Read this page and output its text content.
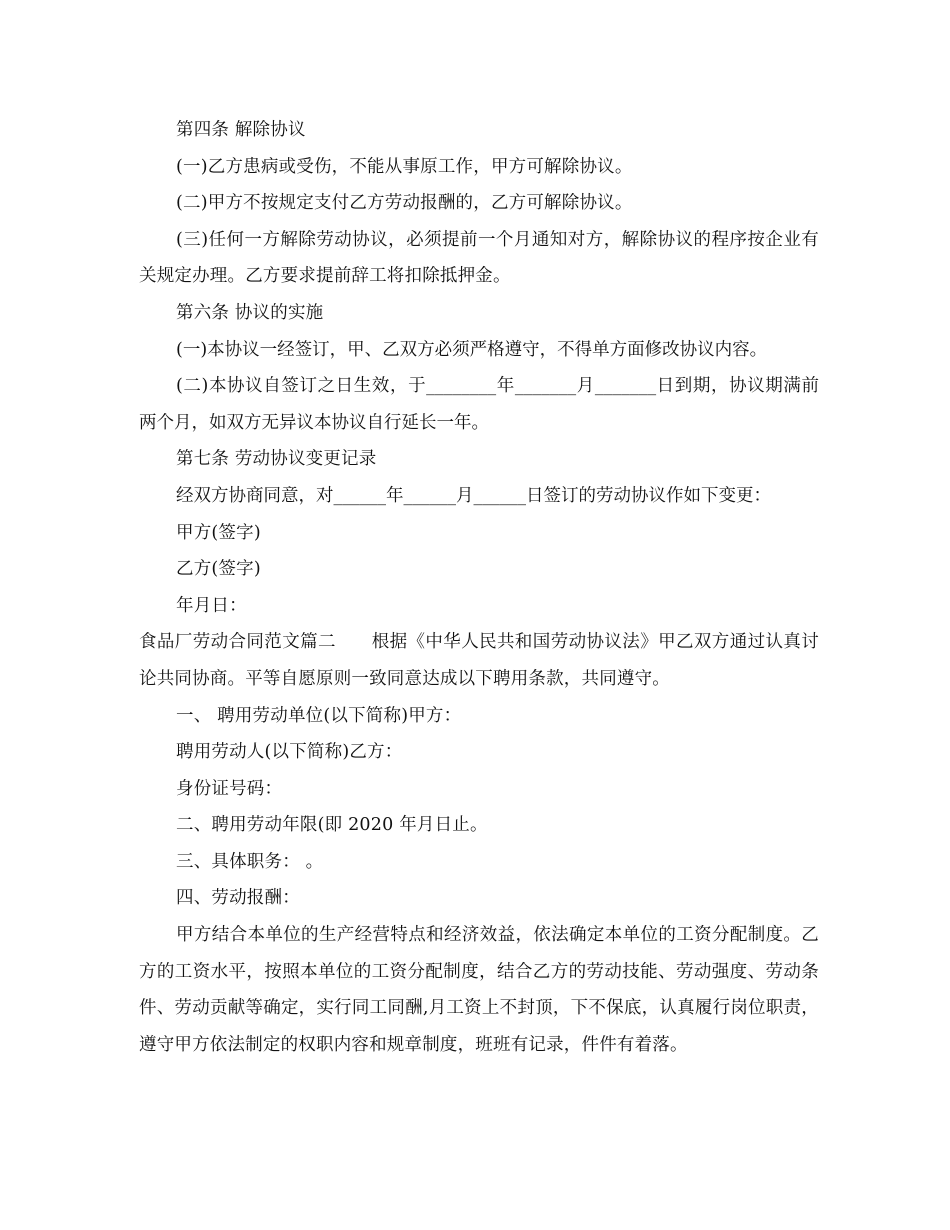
第四条 解除协议

(一)乙方患病或受伤，不能从事原工作，甲方可解除协议。

(二)甲方不按规定支付乙方劳动报酬的，乙方可解除协议。

(三)任何一方解除劳动协议，必须提前一个月通知对方，解除协议的程序按企业有关规定办理。乙方要求提前辞工将扣除抵押金。

第六条 协议的实施

(一)本协议一经签订，甲、乙双方必须严格遵守，不得单方面修改协议内容。

(二)本协议自签订之日生效，于________年_______月_______日到期，协议期满前两个月，如双方无异议本协议自行延长一年。

第七条 劳动协议变更记录

经双方协商同意，对______年______月______日签订的劳动协议作如下变更：

甲方(签字)

乙方(签字)

年月日：

食品厂劳动合同范文篇二　　根据《中华人民共和国劳动协议法》甲乙双方通过认真讨论共同协商。平等自愿原则一致同意达成以下聘用条款，共同遵守。

一、 聘用劳动单位(以下简称)甲方：

聘用劳动人(以下简称)乙方：

身份证号码：

二、聘用劳动年限(即 2020 年月日止。

三、具体职务： 。

四、劳动报酬：

甲方结合本单位的生产经营特点和经济效益，依法确定本单位的工资分配制度。乙方的工资水平，按照本单位的工资分配制度，结合乙方的劳动技能、劳动强度、劳动条件、劳动贡献等确定，实行同工同酬,月工资上不封顶，下不保底，认真履行岗位职责，遵守甲方依法制定的权职内容和规章制度，班班有记录，件件有着落。
